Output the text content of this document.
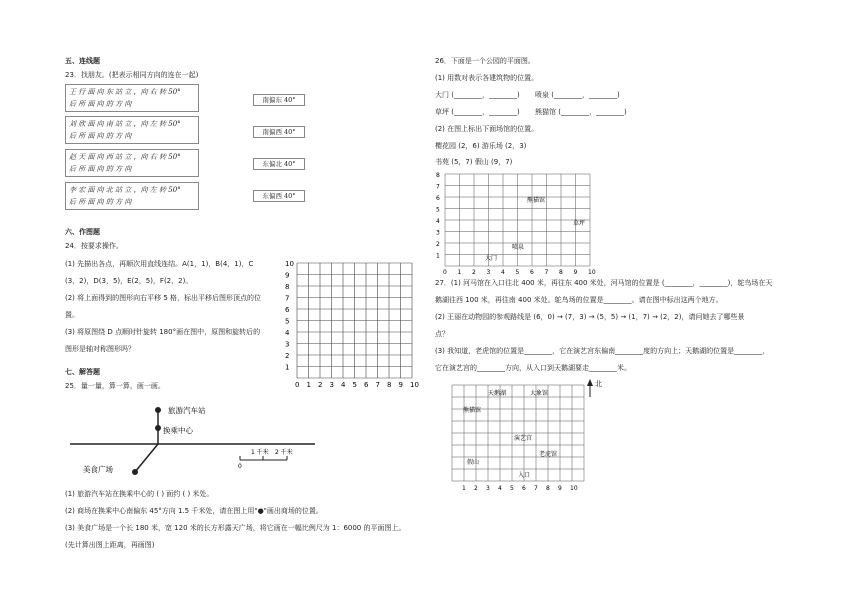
五、连线题
23．找朋友。(把表示相同方向的连在一起)
王 行 面 向 东 站 立 ，向 右 转 50°
后 所 面 向 的 方 向
刘 欣 面 向 南 站 立 ，向 左 转 50°
后 所 面 向 的 方 向
赵 天 面 向 西 站 立 ，向 右 转 50°
后 所 面 向 的 方 向
李 宏 面 向 北 站 立 ，向 左 转 50°
后 所 面 向 的 方 向
南偏东 40°
南偏西 40°
东偏北 40°
东偏西 40°
六、作图题
24．按要求操作。
(1) 先描出各点，再顺次用直线连结。A(1，1)，B(4，1)，C
(3，2)，D(3，5)，E(2，5)，F(2，2)。
(2) 将上面得到的图形向右平移 5 格，标出平移后图形顶点的位
置。
(3) 将原图绕 D 点顺时针旋转 180°画在图中，原图和旋转后的
图形是轴对称图形吗？
0 1
1
2
2
3
3
4
4
5
5
6
6
7
7
8
8
9
9
10
10
七、解答题
25．量一量，算一算，画一画。
旅游汽车站
换乘中心
美食广场	0
1 千米 2 千米
(1) 旅游汽车站在换乘中心的 ( ) 面约 ( ) 米处。
(2) 商场在换乘中心南偏东 45°方向 1.5 千米处，请在图上用"●"画出商场的位置。
(3) 美食广场是一个长 180 米，宽 120 米的长方形露天广场，将它画在一幅比例尺为 1：6000 的平面图上。
(先计算出图上距离，再画图)
26．下面是一个公园的平面图。
(1) 用数对表示各建筑物的位置。
大门 (________，________) 喷泉 (________，________)
草坪 (________，________) 熊猫馆 (________，________)
(2) 在图上标出下面场馆的位置。
樱花园 (2，6) 游乐场 (2，3)
书苑 (5，7) 假山 (9，7)
0 1 2 3 4 5 6 7 8 9 10
1
2
3
4
5
6
7
8
熊猫馆
草坪
喷泉
大门
27．(1) 河马馆在入口往北 400 米，再往东 400 米处，河马馆的位置是 (________，________)，鸵鸟场在天
鹅湖往西 100 米，再往南 400 米处。鸵鸟场的位置是________。请在图中标出这两个地方。
(2) 王丽在动物园的参观路线是 (6，0) → (7，3) → (5，5) → (1，7) → (2，2)，请问她去了哪些景
点？
(3) 我知道，老虎馆的位置是________，它在演艺宫东偏南________度的方向上；天鹅湖的位置是________，
它在演艺宫的________方向，从入口到天鹅湖要走________米。
1 2 3 4 5 6 7 8 9 10
北
天鹅湖	大象馆
熊猫馆
演艺宫
老虎馆
假山
入口
